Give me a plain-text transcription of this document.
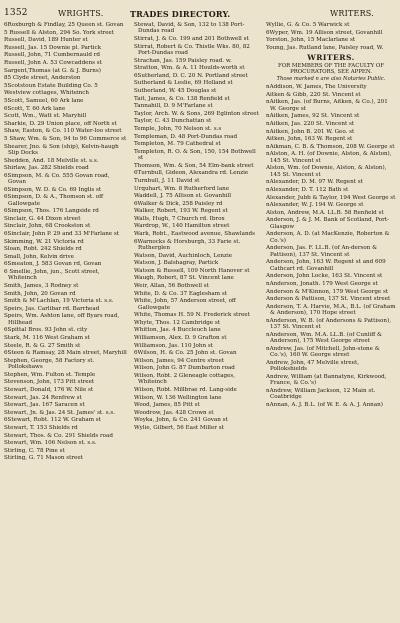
1352	WRIGHTS.	TRADES DIRECTORY.	WRITERS.

6Roxburgh & Findlay, 25 Queen st. Govan

5 Russell & Alston, 294 So. York street

Russell, David, 189 Hunter st

Russell, Jas. 15 Downie pl. Partick

Russell, John, 71 Cumbernauld rd

Russell, John A. 53 Cowcaddens st

Sargent,Thomas (at G. & J. Burns)

85 Clyde street, Anderston

5Scotstoun Estate Building Co. 5

Westview cottages, Whiteinch

5Scott, Samuel, 60 Ark lane

6Scott, T. 60 Ark lane

Scott, Wm., Watt st. Maryhill

Sharkie, D. 29 Union place, off North st

Shaw, Easton, & Co. 110 Water-loo street

5 Shaw, Wm. & Son, 94 to 96 Commerce st

Shearer, Jno. & Son (ship), Kelvin-haugh Slip Docks

Shedden, And. 18 Melville st. s.s.

Shirlaw, Jas. 282 Shields road

6Simpson, M. & Co. 555 Govan road, Govan

6Simpson, W. D. & Co. 69 Inglis st

6Simpson, D. & A., Thomson st. off Gallowgate

6Simpson, Thos. 176 Langside rd

Sinclair, G. 44 Dixon street

Sinclair, John, 68 Crookston st

6Sinclair, John P. 29 and 33 M'Farlane st

Skimming, W. 21 Victoria rd

Sloan, Robt. 242 Shields rd

Small, John, Kelvin drive

6Smeaton, J. 583 Govan rd, Govan

6 Smellie, John, jun., Scott street, Whiteinch

Smith, James, 3 Rodney st

Smith, John, 20 Govan rd

Smith & M'Lachlan, 19 Victoria st. s.s.

Speirs, Jas. Carlibar rd. Barrhead

Speirs, Wm. Ashton lane, off Byars road, Hillhead

6Spittal Bros. 93 John st. city

Stark, M. 116 West Graham st

Steele, R. & G. 27 Smith st

6Steen & Ramsay, 28 Main street, Maryhill

Stephen, George, 58 Factory st. Pollokshaws

Stephen, Wm. Fulton st. Temple

Stevenson, John, 173 Pitt street

Stewart, Donald, 176 W. Nile st

Stewart, Jas. 24 Renfrew st

Stewart, Jas. 167 Saracen st

Stewart, Jn. & Jas. 24 St. James' st. s.s.

6Stewart, Robt. 112 W. Graham st

Stewart, T. 153 Shields rd

Stewart, Thos. & Co. 291 Shields road

Stewart, Wm. 106 Nelson st. s.s.

Stirling, C. 78 Pine st

Stirling, G. 71 Mason street

Stewat, David, & Son, 132 to 138 Port-Dundas road

Stirrat, J. & Co. 199 and 201 Bothwell st

Stirrat, Robert & Co. Thistle Wks. 80, 82 Port-Dundas road

Strachan, Jas. 159 Paisley road. w.

Stratton, Wm. & A. 11 Houlds-worth st

6Sutherland, D. C. 20 N. Portland street

Sutherland & Leslie, 69 Holland st

Sutherland, W. 45 Douglas st

Tait, James, & Co. 138 Renfield st

Tannahill, D. 9 M'Farlane st

Taylor, Arch. W. & Sons, 269 Eglinton street

Taylor, C. 43 Dunchattan st

Temple, John, 70 Nelson st. s.s

Templeman, D. 48 Port-Dundas road

Templeton, M. 79 Cathedral st

Templeton, R. O. & Son, 150, 154 Bothwell st

Thomson, Wm. & Son, 54 Elm-bank street

6Turnbull, Gideon, Alexandra rd. Lenzie

Turnbull, J. 11 David st

Urquhart, Wm. 8 Rutherford lane

Waddell, J. 75 Allison st. Govanhill

6Walker & Dick, 258 Paisley rd

Walker, Robert, 193 W. Regent st

Walls, Hugh, 7 Church rd. Ibrox

Wardrop, W., 140 Hamilton street

Wark, Robt., Eastwood avenue, Shawlands

6Warnocks & Horsburgh, 33 Farie st. Rutherglen

Watson, David, Auchinloch, Lenzie

Watson, J. Balshagray, Partick

Watson & Russell, 109 North Hanover st

Waugh, Robert, 87 St. Vincent lane

Weir, Allan, 56 Bothwell st

White, D. & Co. 37 Eaglesham st

White, John, 57 Anderson street, off Gallowgate

White, Thomas H. 59 N. Frederick street

Whyte, Thos. 12 Cambridge st

Whitton, Jas. 4 Buccleuch lane

Williamson, Alex. D. 9 Grafton st

Williamson, Jas. 110 John st

6Wilson, H. & Co. 25 John st. Govan

Wilson, James, 94 Centre street

Wilson, John G. 87 Dumbarton road

Wilson, Robt. 2 Gleneagle cottages, Whiteinch

Wilson, Robt. Millbrae rd. Lang-side

Wilson, W. 136 Wellington lane

Wood, James, 85 Pitt st

Woodrow, Jas. 428 Crown st

Woyka, John, & Co. 241 Govan st

Wylie, Gilbert, 56 East Miller st

Wyllie, G. & Co. 5 Warwick st

6Wyper, Wm. 19 Allison street, Govanhill

Yorston, John, 15 Maclarlane st

Young, Jas. Rutland lane, Paisley road, W.

WRITERS.
FOR MEMBERS OF THE FACULTY OF PROCURATORS, SEE APPEN.
Those marked n are also Notaries Public.

nAddison, W. James, The University

Aitken & Gibb, 220 St. Vincent st

nAitken, Jas. (of Burns, Aitken, & Co.), 201 W. George st

nAitken, James, 92 St. Vincent st

nAitken, Jas. 220 St. Vincent st

nAitken, John B. 201 W. Geo. st

Aitken, John, 163 W. Regent st

nAikman, C. B. & Thomson, 208 W. George st

nAlston, A. H. (of Downie, Alston, & Alston), 145 St. Vincent st

Alston, Wm. (of Downie, Alston, & Alston), 145 St. Vincent st

nAlexander, D. M. 97 W. Regent st

nAlexander, D. T. 112 Bath st

Alexander, Jubb & Taylor, 194 West George st

nAlexander, W. J. 194 W. George st

Alston, Andrew, M.A. LL.B. 58 Renfield st

Anderson, J. & J. M. Bank of Scotland, Port-Glasgow

Anderson, A. D. (at MacKenzie, Roberton & Co.'s)

Anderson, Jas. F. LL.B. (of An-derson & Pattison), 137 St. Vincent st

Anderson, John, 163 W. Regent st and 609 Cathcart rd. Govanhill

Anderson, John Locke, 163 St. Vincent st

nAnderson, Jonath. 179 West George st

Anderson & M'Kinnon, 179 West George st

Anderson & Pattison, 137 St. Vincent street

Anderson, T. A. Harvie, M.A., B.L. (of Graham & Anderson), 170 Hope street

nAnderson, W. B. (of Andersons & Pattison), 137 St. Vincent st

nAnderson, Wm. M.A. LL.B. (of Cunliff & Anderson), 175 West George street

nAndrew, Jas. (of Mitchell, John-stone & Co.'s), 160 W. George street

Andrew, John, 47 Melville street, Pollokshields

Andrew, William (at Bannatyne, Kirkwood, France, & Co.'s)

nAndrew, William Jackson, 12 Main st. Coatbridge

nAnnan, A. J. B.L. (of W. E. & A. J. Annan)
